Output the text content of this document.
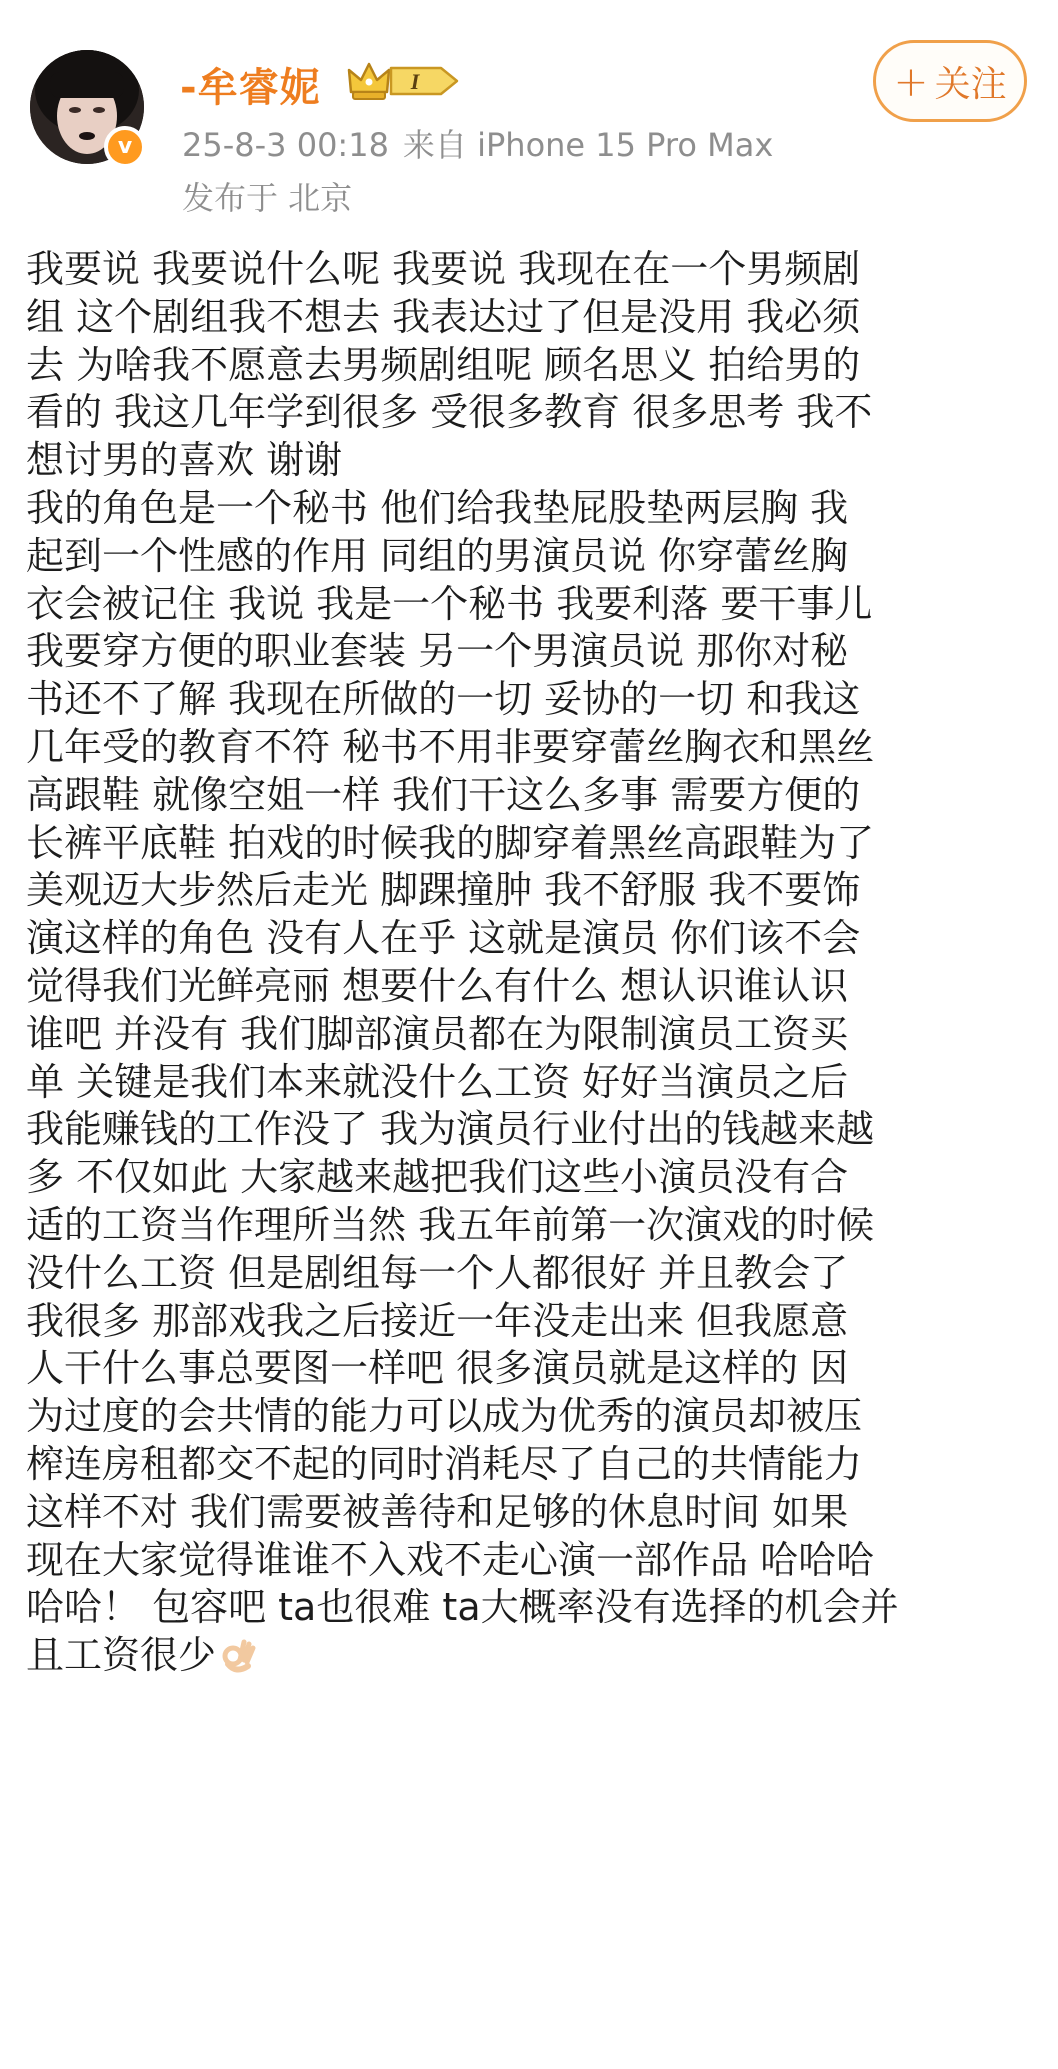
v
-牟睿妮	I
25-8-3 00:18 来自 iPhone 15 Pro Max
发布于 北京
+ 关注
我要说 我要说什么呢 我要说 我现在在一个男频剧
组 这个剧组我不想去 我表达过了但是没用 我必须
去 为啥我不愿意去男频剧组呢 顾名思义 拍给男的
看的 我这几年学到很多 受很多教育 很多思考 我不
想讨男的喜欢 谢谢
我的角色是一个秘书 他们给我垫屁股垫两层胸 我
起到一个性感的作用 同组的男演员说 你穿蕾丝胸
衣会被记住 我说 我是一个秘书 我要利落 要干事儿
我要穿方便的职业套装 另一个男演员说 那你对秘
书还不了解 我现在所做的一切 妥协的一切 和我这
几年受的教育不符 秘书不用非要穿蕾丝胸衣和黑丝
高跟鞋 就像空姐一样 我们干这么多事 需要方便的
长裤平底鞋 拍戏的时候我的脚穿着黑丝高跟鞋为了
美观迈大步然后走光 脚踝撞肿 我不舒服 我不要饰
演这样的角色 没有人在乎 这就是演员 你们该不会
觉得我们光鲜亮丽 想要什么有什么 想认识谁认识
谁吧 并没有 我们脚部演员都在为限制演员工资买
单 关键是我们本来就没什么工资 好好当演员之后
我能赚钱的工作没了 我为演员行业付出的钱越来越
多 不仅如此 大家越来越把我们这些小演员没有合
适的工资当作理所当然 我五年前第一次演戏的时候
没什么工资 但是剧组每一个人都很好 并且教会了
我很多 那部戏我之后接近一年没走出来 但我愿意
人干什么事总要图一样吧 很多演员就是这样的 因
为过度的会共情的能力可以成为优秀的演员却被压
榨连房租都交不起的同时消耗尽了自己的共情能力
这样不对 我们需要被善待和足够的休息时间 如果
现在大家觉得谁谁不入戏不走心演一部作品 哈哈哈
哈哈！ 包容吧 ta也很难 ta大概率没有选择的机会并
且工资很少
